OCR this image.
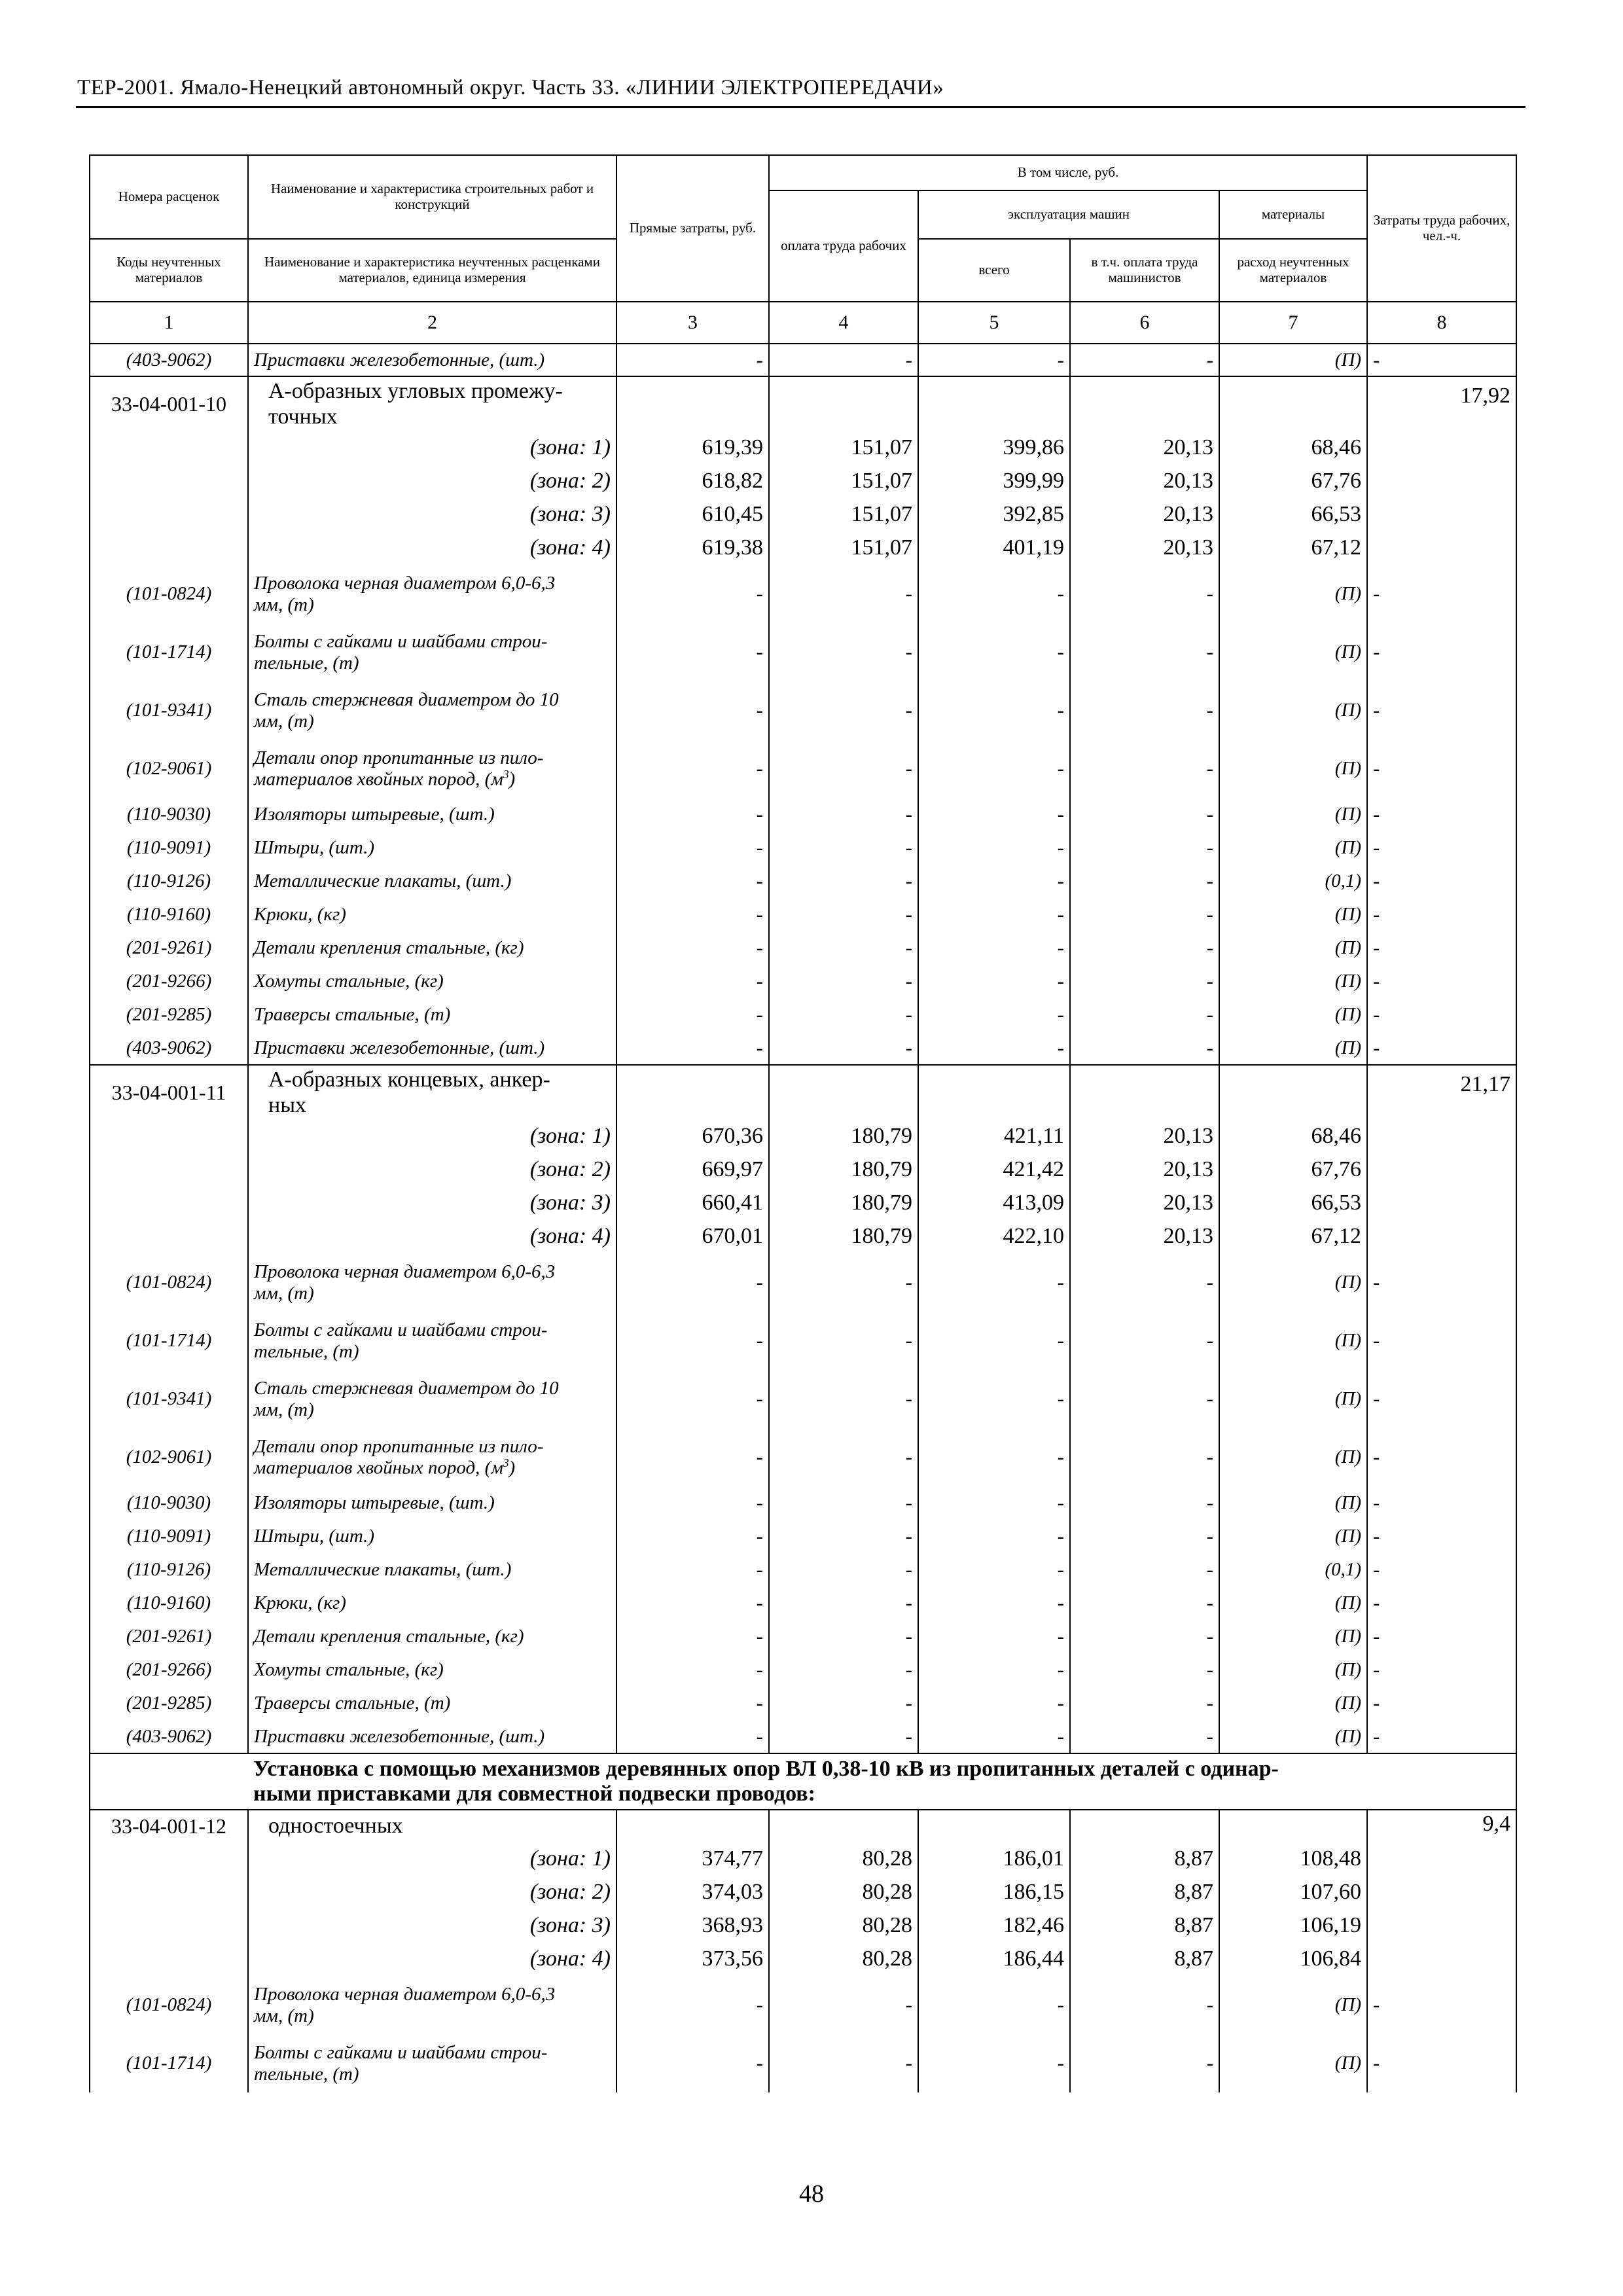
ТЕР-2001. Ямало-Ненецкий автономный округ. Часть 33. «ЛИНИИ ЭЛЕКТРОПЕРЕДАЧИ»
Номера расценок	Наименование и характеристика строительных работ и конструкций	Прямые затраты, руб.	В том числе, руб.				Затраты труда рабочих, чел.-ч.
			оплата труда рабочих	эксплуатация машин		материалы	
Коды неучтенных материалов	Наименование и характеристика неучтенных расценками материалов, единица измерения			всего	в т.ч. оплата труда машинистов	расход неучтенных материалов	
1	2	3	4	5	6	7	8
(403-9062)	Приставки железобетонные, (шт.)	-	-	-	-	(П)	-
33-04-001-10	А-образных угловых промежу-
точных						17,92
	(зона: 1)	619,39	151,07	399,86	20,13	68,46	
	(зона: 2)	618,82	151,07	399,99	20,13	67,76	
	(зона: 3)	610,45	151,07	392,85	20,13	66,53	
	(зона: 4)	619,38	151,07	401,19	20,13	67,12	
(101-0824)	Проволока черная диаметром 6,0-6,3
мм, (т)	-	-	-	-	(П)	-
(101-1714)	Болты с гайками и шайбами строи-
тельные, (т)	-	-	-	-	(П)	-
(101-9341)	Сталь стержневая диаметром до 10
мм, (т)	-	-	-	-	(П)	-
(102-9061)	Детали опор пропитанные из пило-
материалов хвойных пород, $(м^3)$	-	-	-	-	(П)	-
(110-9030)	Изоляторы штыревые, (шт.)	-	-	-	-	(П)	-
(110-9091)	Штыри, (шт.)	-	-	-	-	(П)	-
(110-9126)	Металлические плакаты, (шт.)	-	-	-	-	(0,1)	-
(110-9160)	Крюки, (кг)	-	-	-	-	(П)	-
(201-9261)	Детали крепления стальные, (кг)	-	-	-	-	(П)	-
(201-9266)	Хомуты стальные, (кг)	-	-	-	-	(П)	-
(201-9285)	Траверсы стальные, (т)	-	-	-	-	(П)	-
(403-9062)	Приставки железобетонные, (шт.)	-	-	-	-	(П)	-
33-04-001-11	А-образных концевых, анкер-
ных						21,17
	(зона: 1)	670,36	180,79	421,11	20,13	68,46	
	(зона: 2)	669,97	180,79	421,42	20,13	67,76	
	(зона: 3)	660,41	180,79	413,09	20,13	66,53	
	(зона: 4)	670,01	180,79	422,10	20,13	67,12	
(101-0824)	Проволока черная диаметром 6,0-6,3
мм, (т)	-	-	-	-	(П)	-
(101-1714)	Болты с гайками и шайбами строи-
тельные, (т)	-	-	-	-	(П)	-
(101-9341)	Сталь стержневая диаметром до 10
мм, (т)	-	-	-	-	(П)	-
(102-9061)	Детали опор пропитанные из пило-
материалов хвойных пород, $(м^3)$	-	-	-	-	(П)	-
(110-9030)	Изоляторы штыревые, (шт.)	-	-	-	-	(П)	-
(110-9091)	Штыри, (шт.)	-	-	-	-	(П)	-
(110-9126)	Металлические плакаты, (шт.)	-	-	-	-	(0,1)	-
(110-9160)	Крюки, (кг)	-	-	-	-	(П)	-
(201-9261)	Детали крепления стальные, (кг)	-	-	-	-	(П)	-
(201-9266)	Хомуты стальные, (кг)	-	-	-	-	(П)	-
(201-9285)	Траверсы стальные, (т)	-	-	-	-	(П)	-
(403-9062)	Приставки железобетонные, (шт.)	-	-	-	-	(П)	-
	Установка с помощью механизмов деревянных опор ВЛ 0,38-10 кВ из пропитанных деталей с одинар-
ными приставками для совместной подвески проводов:						
33-04-001-12	одностоечных						9,4
	(зона: 1)	374,77	80,28	186,01	8,87	108,48	
	(зона: 2)	374,03	80,28	186,15	8,87	107,60	
	(зона: 3)	368,93	80,28	182,46	8,87	106,19	
	(зона: 4)	373,56	80,28	186,44	8,87	106,84	
(101-0824)	Проволока черная диаметром 6,0-6,3
мм, (т)	-	-	-	-	(П)	-
(101-1714)	Болты с гайками и шайбами строи-
тельные, (т)	-	-	-	-	(П)	-
48
